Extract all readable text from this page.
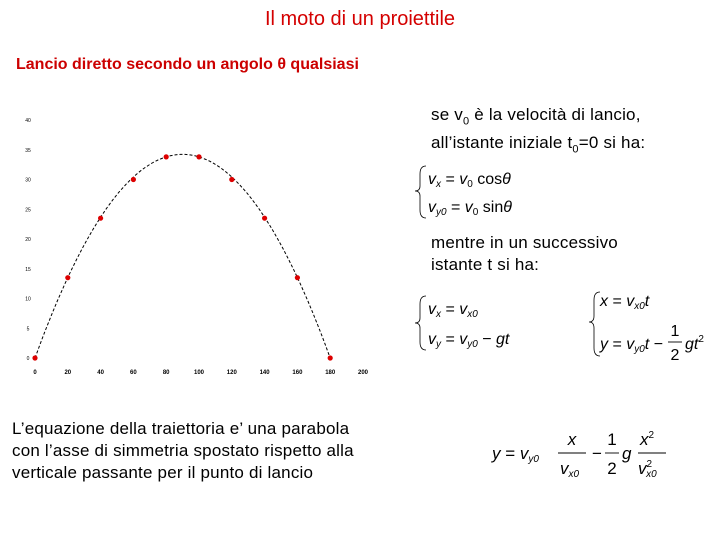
Il moto di un proiettile
Lancio diretto secondo un angolo θ qualsiasi
0
5
10
15
20
25
30
35
40
0	20	40	60	80	100	120	140	160	180	200
se $v_0$ è la velocità di lancio,
all’istante iniziale $t_0=0$ si ha:
vx = v0 cosθ
vy0 = v0 sinθ
mentre in un successivo
istante t si ha:
vx = vx0
vy = vy0 − gt
x = vx0t
y = vy0t −
1
2
$gt^2$
L’equazione della traiettoria e’ una parabola
con l’asse di simmetria spostato rispetto alla
verticale passante per il punto di lancio
y = vy0
x
vx0
−
1
2
g
$x^2$
$v^2$ x0
